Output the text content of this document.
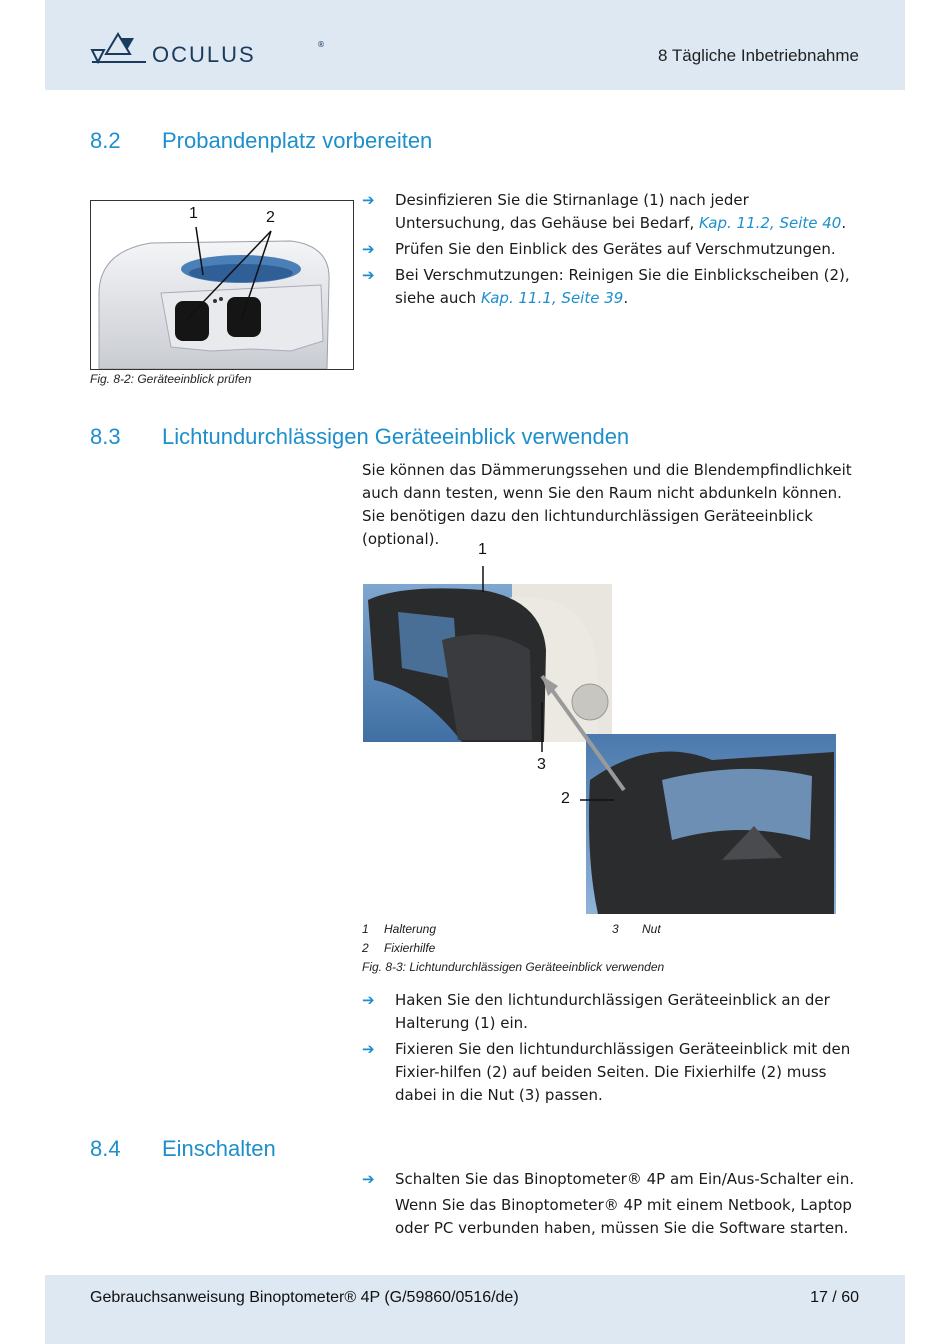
OCULUS	®
8 Tägliche Inbetriebnahme
8.2 Probandenplatz vorbereiten
1	2
➔ Desinfizieren Sie die Stirnanlage (1) nach jeder Untersuchung, das Gehäuse bei Bedarf, Kap. 11.2, Seite 40.
➔ Prüfen Sie den Einblick des Gerätes auf Verschmutzungen.
➔ Bei Verschmutzungen: Reinigen Sie die Einblickscheiben (2), siehe auch Kap. 11.1, Seite 39.
Fig. 8-2: Geräteeinblick prüfen
8.3 Lichtundurchlässigen Geräteeinblick verwenden
Sie können das Dämmerungssehen und die Blendempfindlichkeit auch dann testen, wenn Sie den Raum nicht abdunkeln können. Sie benötigen dazu den lichtundurchlässigen Geräteeinblick (optional).
1
3
2
1 Halterung	3 Nut
2 Fixierhilfe
Fig. 8-3: Lichtundurchlässigen Geräteeinblick verwenden
➔ Haken Sie den lichtundurchlässigen Geräteeinblick an der Halterung (1) ein.
➔ Fixieren Sie den lichtundurchlässigen Geräteeinblick mit den Fixier-hilfen (2) auf beiden Seiten. Die Fixierhilfe (2) muss dabei in die Nut (3) passen.
8.4 Einschalten
➔ Schalten Sie das Binoptometer® 4P am Ein/Aus-Schalter ein.
Wenn Sie das Binoptometer® 4P mit einem Netbook, Laptop oder PC verbunden haben, müssen Sie die Software starten.
Gebrauchsanweisung Binoptometer® 4P (G/59860/0516/de)	17 / 60
